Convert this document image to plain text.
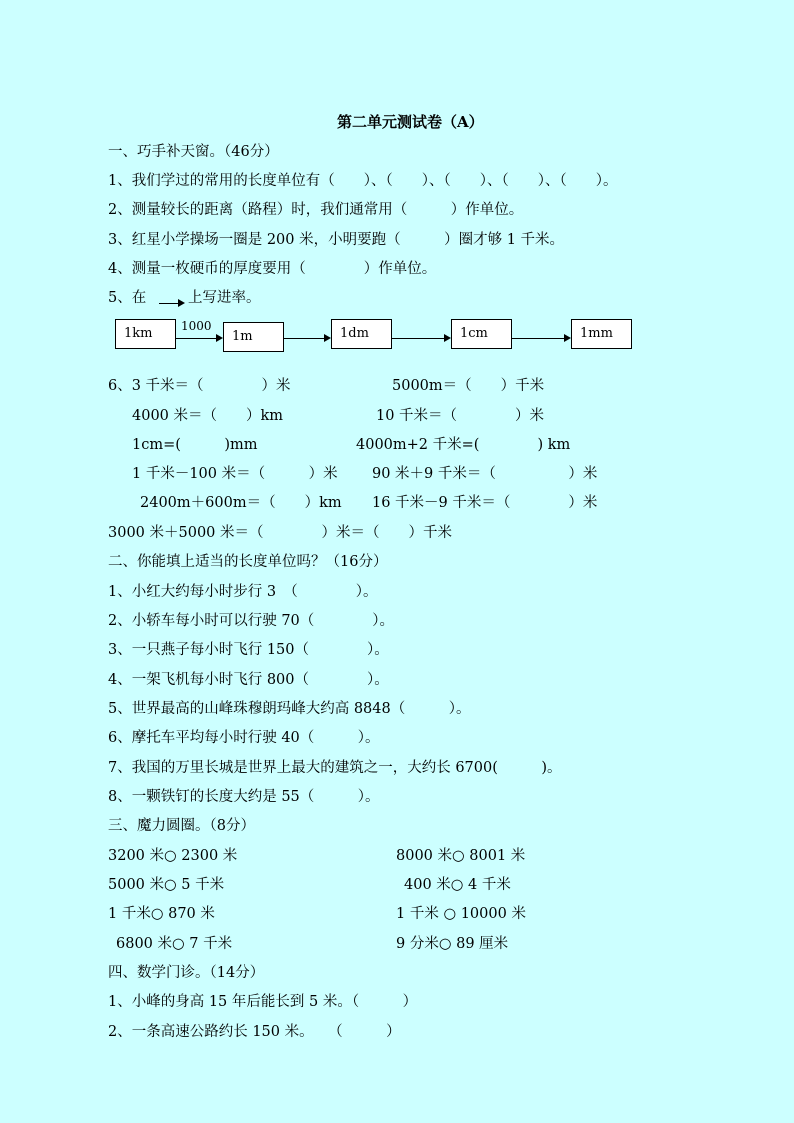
第二单元测试卷（A）
一、巧手补天窗。（46分）
1、我们学过的常用的长度单位有（　　）、（　　）、（　　）、（　　）、（　　）。
2、测量较长的距离（路程）时，我们通常用（　　　）作单位。
3、红星小学操场一圈是 200 米，小明要跑（　　　）圈才够 1 千米。
4、测量一枚硬币的厚度要用（　　　　）作单位。
5、在	上写进率。
1km	1000
1m	1dm	1cm	1mm
6、3 千米＝（　　　　）米	5000m＝（　　）千米
4000 米＝（　　）km	10 千米＝（　　　　）米
1cm=(　　　)mm	4000m+2 千米=(　　　　) km
1 千米－100 米＝（　　　）米 90 米＋9 千米＝（　　　　　）米
2400m＋600m＝（　　）km 16 千米－9 千米＝（　　　　）米
3000 米＋5000 米＝（　　　　）米＝（　　）千米
二、你能填上适当的长度单位吗？（16分）
1、小红大约每小时步行 3　（　　　　）。
2、小轿车每小时可以行驶 70（　　　　）。
3、一只燕子每小时飞行 150（　　　　）。
4、一架飞机每小时飞行 800（　　　　）。
5、世界最高的山峰珠穆朗玛峰大约高 8848（　　　）。
6、摩托车平均每小时行驶 40（　　　）。
7、我国的万里长城是世界上最大的建筑之一，大约长 6700(　　　)。
8、一颗铁钉的长度大约是 55（　　　）。
三、魔力圆圈。（8分）
3200 米○ 2300 米	8000 米○ 8001 米
5000 米○ 5 千米	400 米○ 4 千米
1 千米○ 870 米	1 千米 ○ 10000 米
6800 米○ 7 千米	9 分米○ 89 厘米
四、数学门诊。（14分）
1、小峰的身高 15 年后能长到 5 米。（　　　）
2、一条高速公路约长 150 米。　　（　　　）
